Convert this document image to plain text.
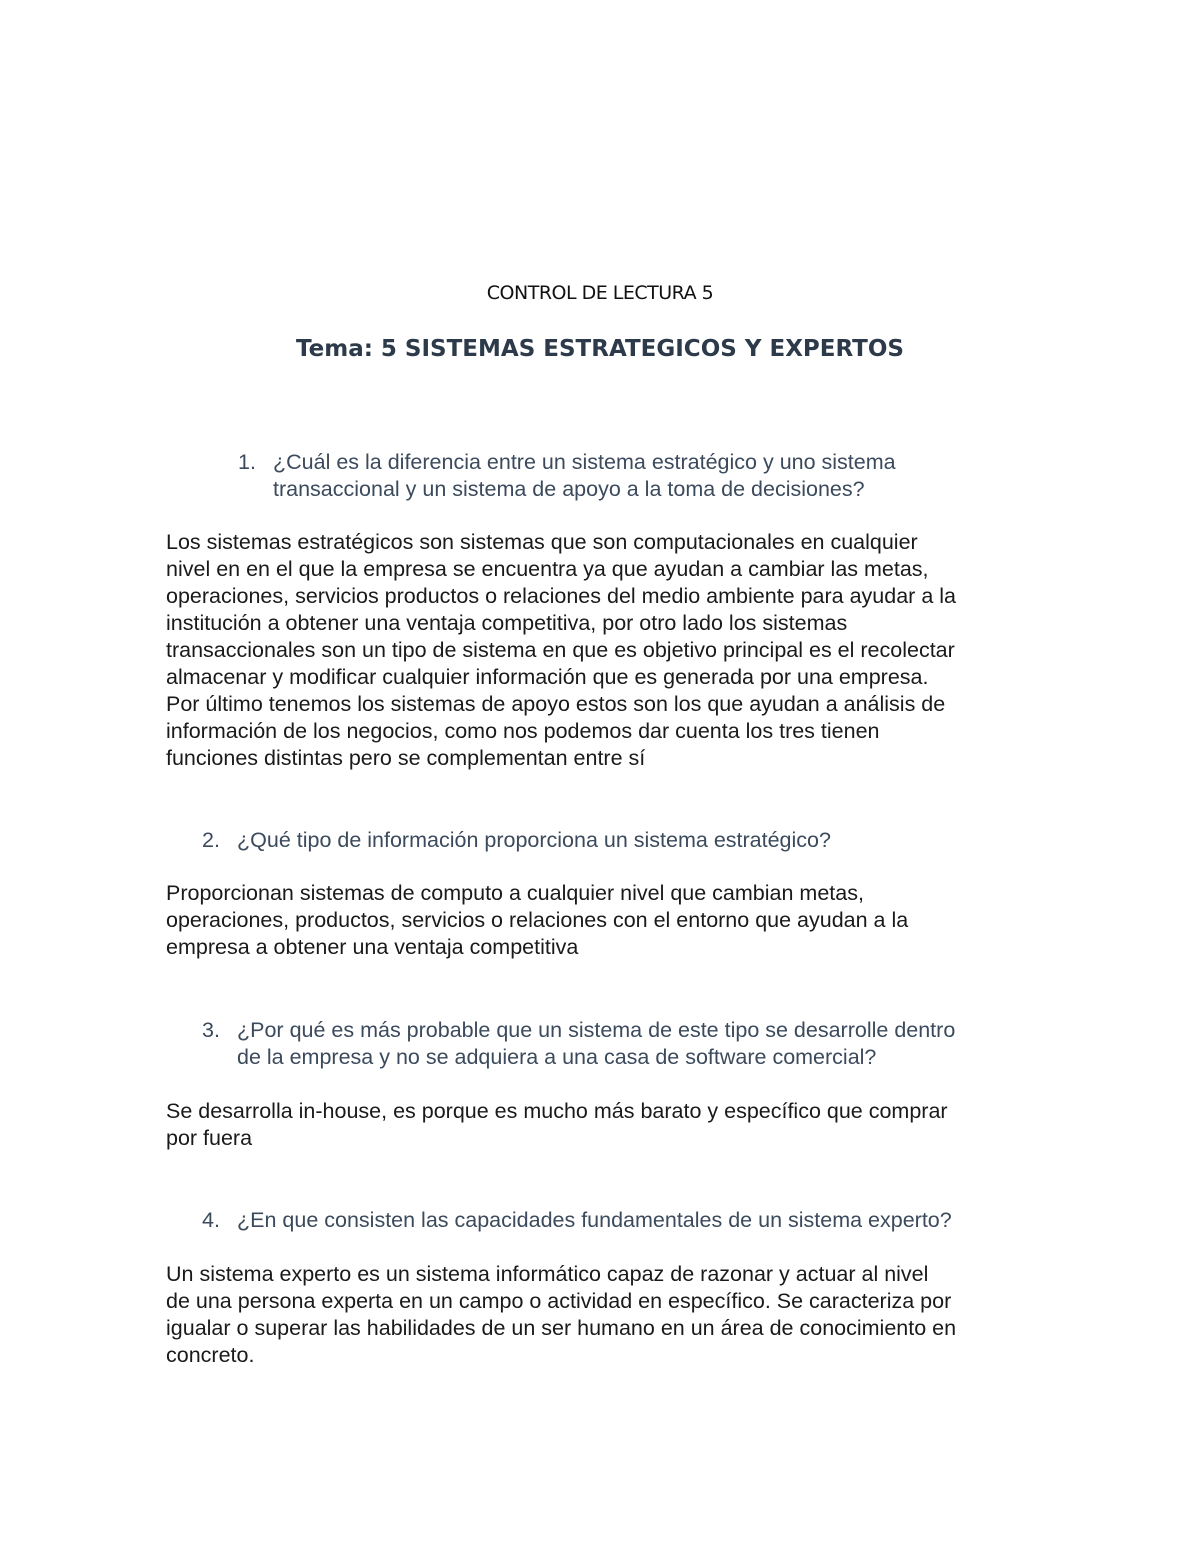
CONTROL DE LECTURA 5
Tema: 5 SISTEMAS ESTRATEGICOS Y EXPERTOS
1. ¿Cuál es la diferencia entre un sistema estratégico y uno sistema
transaccional y un sistema de apoyo a la toma de decisiones?
Los sistemas estratégicos son sistemas que son computacionales en cualquier
nivel en en el que la empresa se encuentra ya que ayudan a cambiar las metas,
operaciones, servicios productos o relaciones del medio ambiente para ayudar a la
institución a obtener una ventaja competitiva, por otro lado los sistemas
transaccionales son un tipo de sistema en que es objetivo principal es el recolectar
almacenar y modificar cualquier información que es generada por una empresa.
Por último tenemos los sistemas de apoyo estos son los que ayudan a análisis de
información de los negocios, como nos podemos dar cuenta los tres tienen
funciones distintas pero se complementan entre sí
2. ¿Qué tipo de información proporciona un sistema estratégico?
Proporcionan sistemas de computo a cualquier nivel que cambian metas,
operaciones, productos, servicios o relaciones con el entorno que ayudan a la
empresa a obtener una ventaja competitiva
3. ¿Por qué es más probable que un sistema de este tipo se desarrolle dentro
de la empresa y no se adquiera a una casa de software comercial?
Se desarrolla in-house, es porque es mucho más barato y específico que comprar
por fuera
4. ¿En que consisten las capacidades fundamentales de un sistema experto?
Un sistema experto es un sistema informático capaz de razonar y actuar al nivel
de una persona experta en un campo o actividad en específico. Se caracteriza por
igualar o superar las habilidades de un ser humano en un área de conocimiento en
concreto.
